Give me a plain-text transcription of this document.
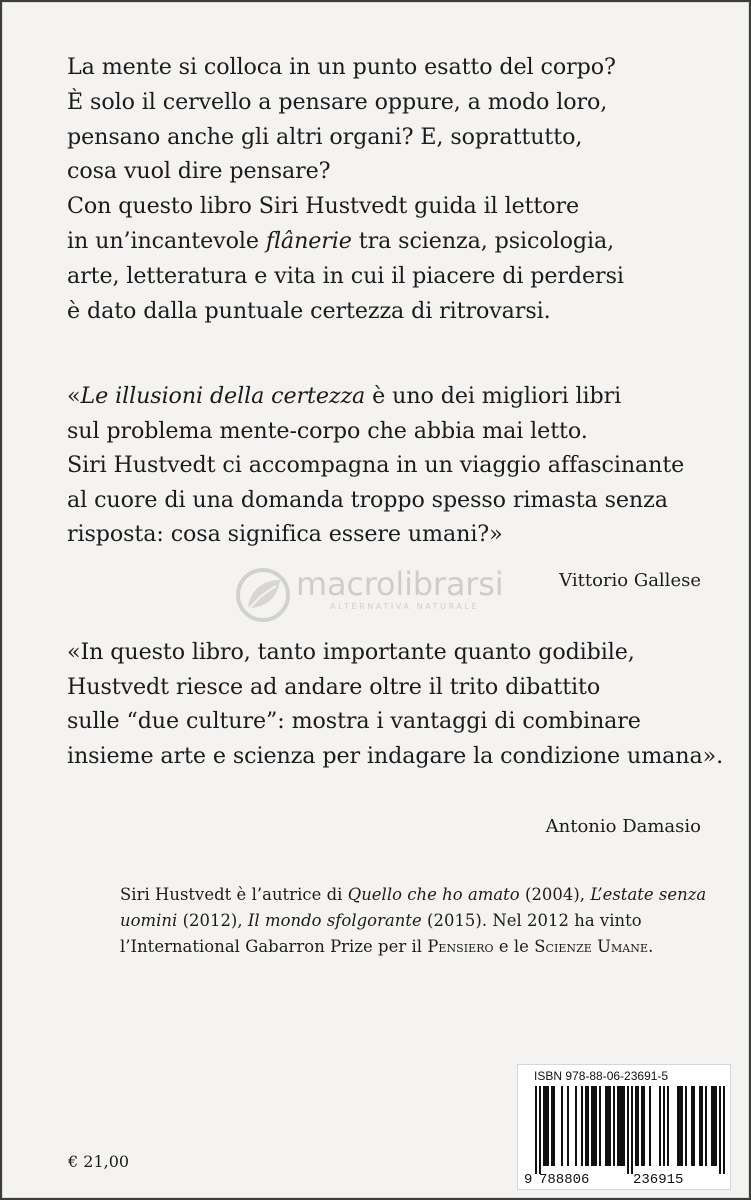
La mente si colloca in un punto esatto del corpo?
È solo il cervello a pensare oppure, a modo loro,
pensano anche gli altri organi? E, soprattutto,
cosa vuol dire pensare?
Con questo libro Siri Hustvedt guida il lettore
in un’incantevole flânerie tra scienza, psicologia,
arte, letteratura e vita in cui il piacere di perdersi
è dato dalla puntuale certezza di ritrovarsi.
«Le illusioni della certezza è uno dei migliori libri
sul problema mente-corpo che abbia mai letto.
Siri Hustvedt ci accompagna in un viaggio affascinante
al cuore di una domanda troppo spesso rimasta senza
risposta: cosa significa essere umani?»
Vittorio Gallese
macrolibrarsi
ALTERNATIVA NATURALE
«In questo libro, tanto importante quanto godibile,
Hustvedt riesce ad andare oltre il trito dibattito
sulle “due culture”: mostra i vantaggi di combinare
insieme arte e scienza per indagare la condizione umana».
Antonio Damasio
Siri Hustvedt è l’autrice di Quello che ho amato (2004), L’estate senza
uomini (2012), Il mondo sfolgorante (2015). Nel 2012 ha vinto
l’International Gabarron Prize per il Pensiero e le Scienze Umane.
€ 21,00
ISBN 978-88-06-23691-5
9 788806	236915
